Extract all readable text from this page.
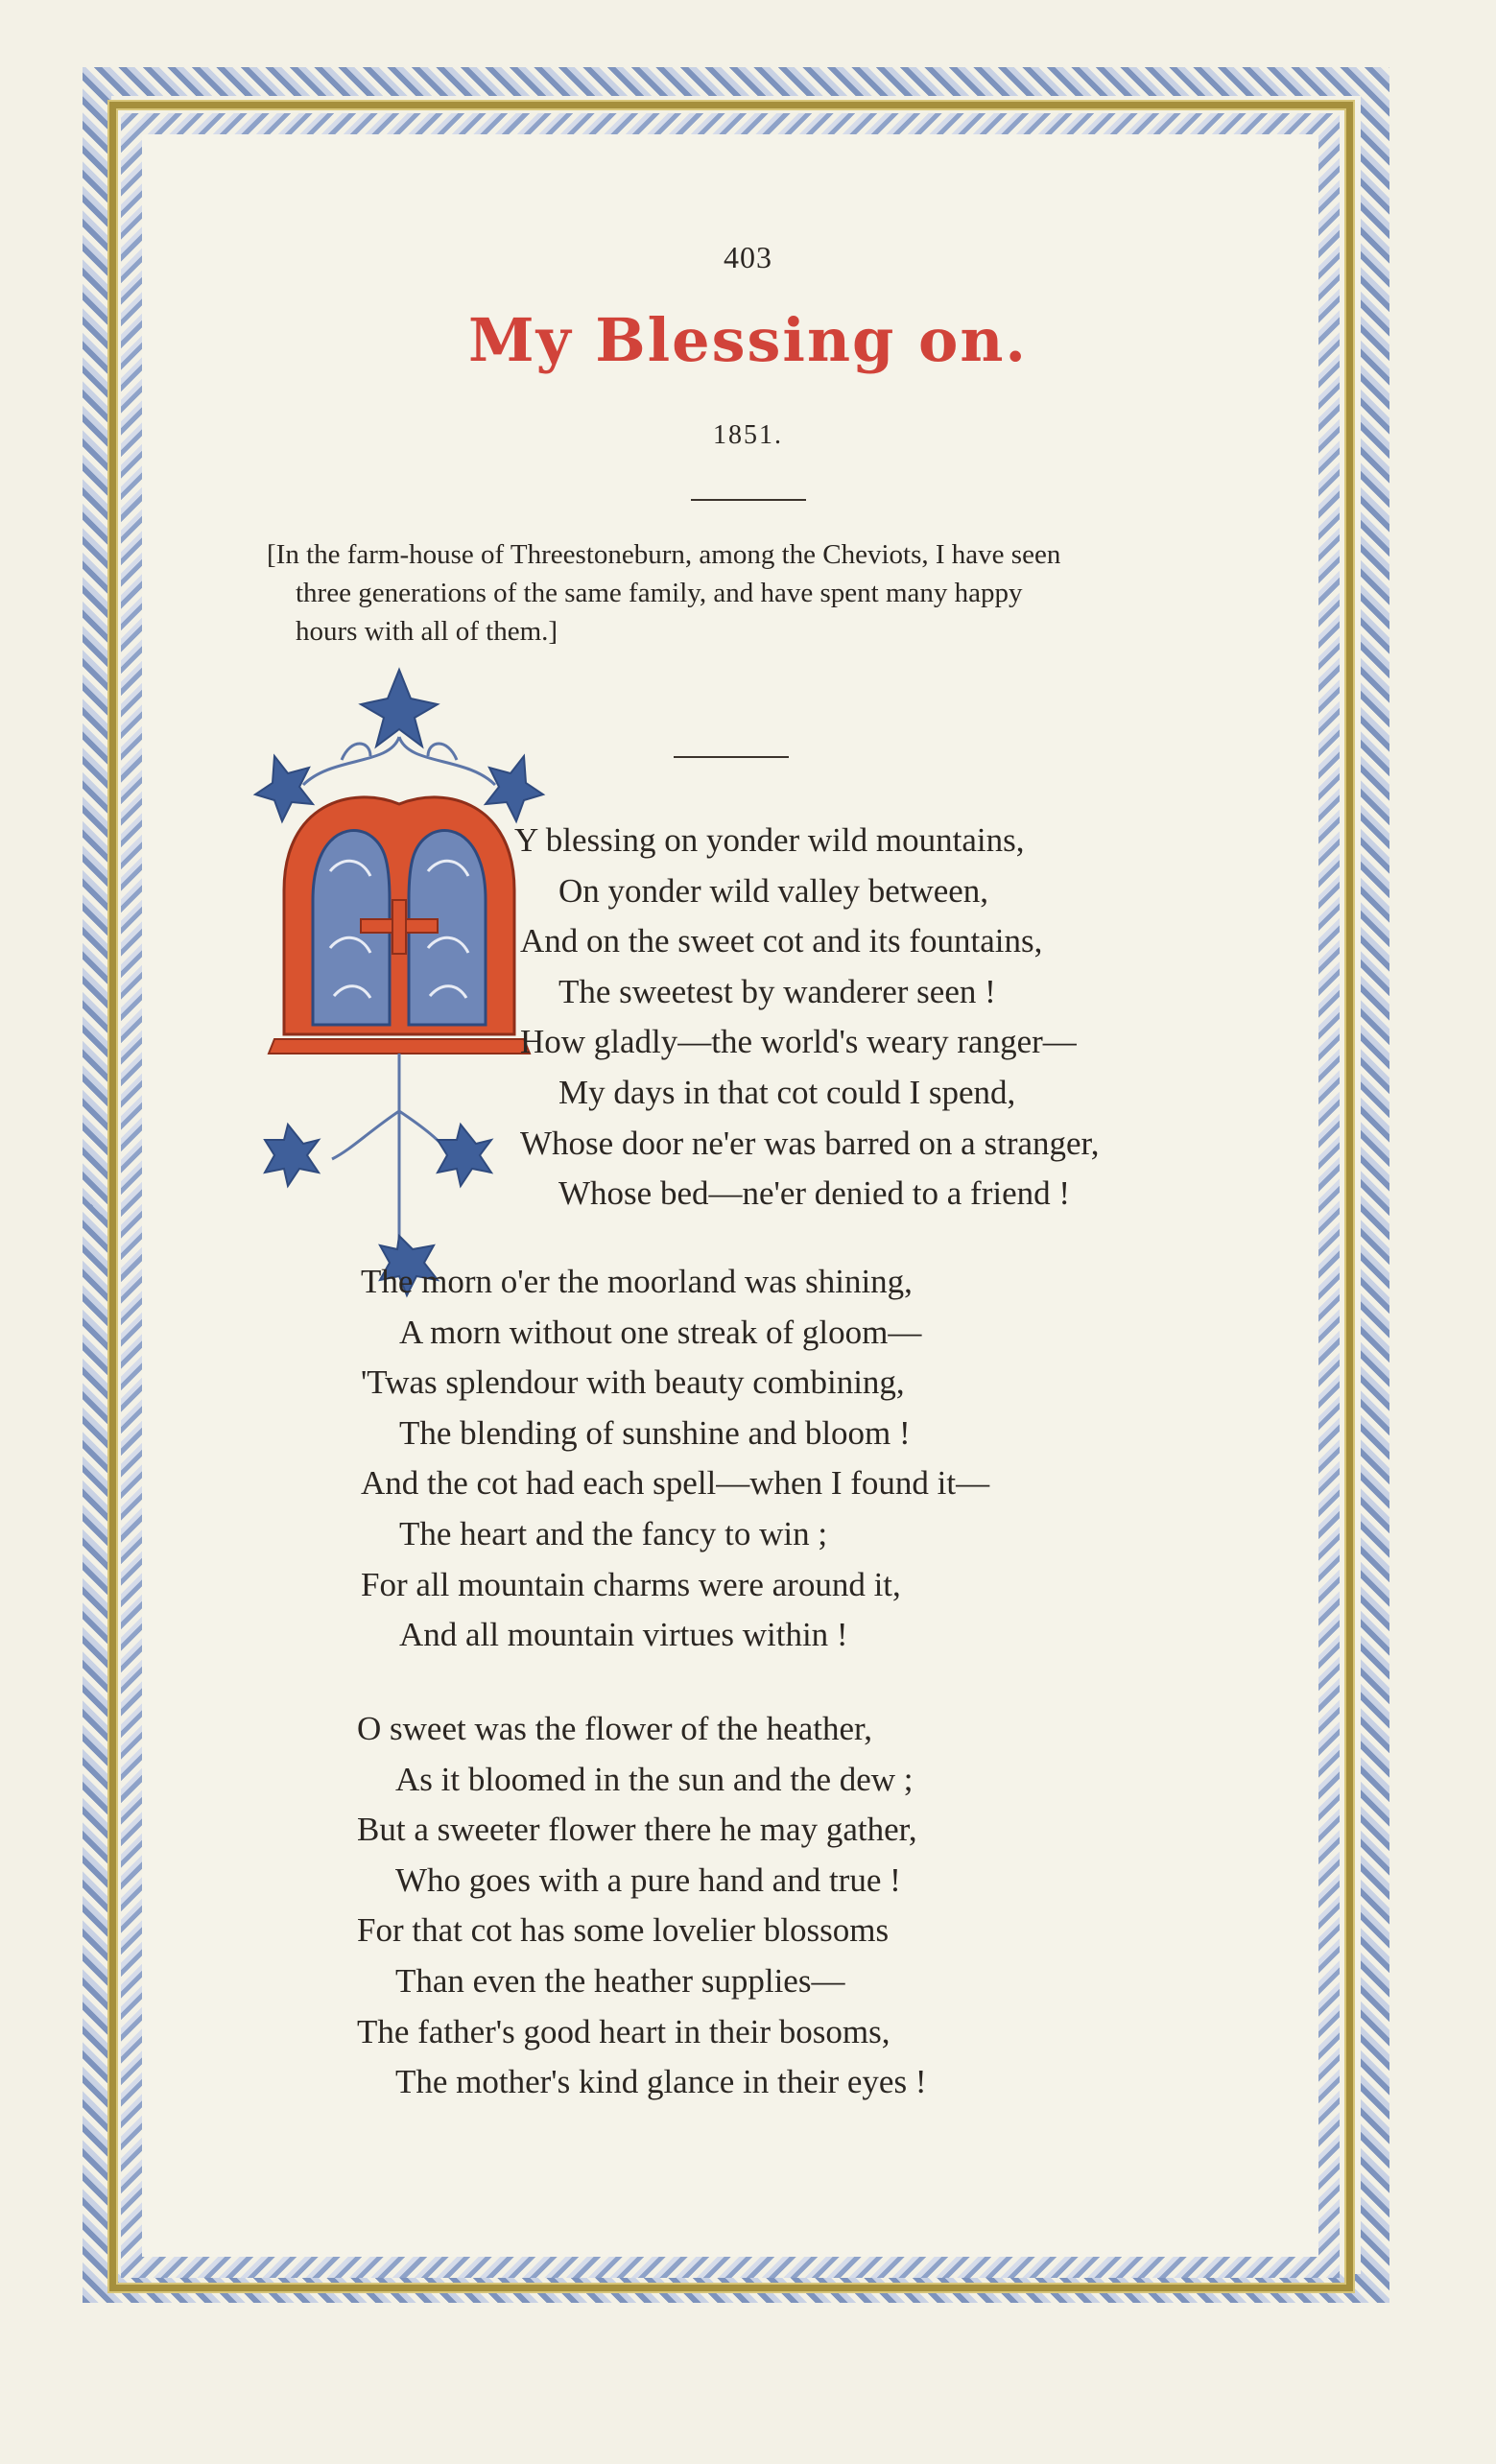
403
My Blessing on.
1851.
[In the farm-house of Threestoneburn, among the Cheviots, I have seen
three generations of the same family, and have spent many happy
hours with all of them.]
Y blessing on yonder wild mountains,
On yonder wild valley between,
And on the sweet cot and its fountains,
The sweetest by wanderer seen !
How gladly—the world's weary ranger—
My days in that cot could I spend,
Whose door ne'er was barred on a stranger,
Whose bed—ne'er denied to a friend !
The morn o'er the moorland was shining,
A morn without one streak of gloom—
'Twas splendour with beauty combining,
The blending of sunshine and bloom !
And the cot had each spell—when I found it—
The heart and the fancy to win ;
For all mountain charms were around it,
And all mountain virtues within !
O sweet was the flower of the heather,
As it bloomed in the sun and the dew ;
But a sweeter flower there he may gather,
Who goes with a pure hand and true !
For that cot has some lovelier blossoms
Than even the heather supplies—
The father's good heart in their bosoms,
The mother's kind glance in their eyes !
